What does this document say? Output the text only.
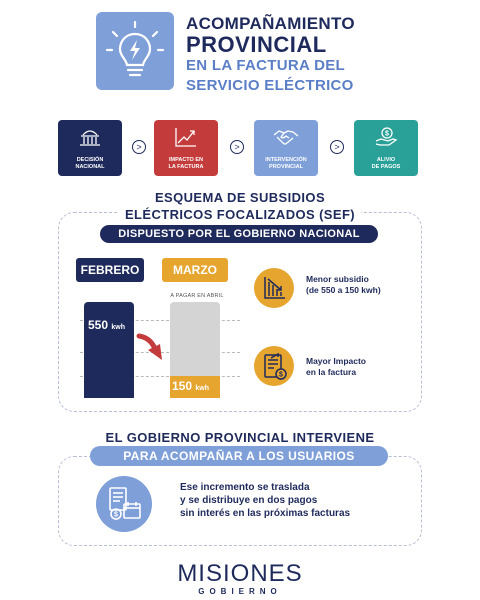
ACOMPAÑAMIENTO
PROVINCIAL
EN LA FACTURA DEL
SERVICIO ELÉCTRICO
DECISIÓN
NACIONAL
>
IMPACTO EN
LA FACTURA
>
INTERVENCIÓN
PROVINCIAL
>
$
ALIVIO
DE PAGOS
ESQUEMA DE SUBSIDIOS
ELÉCTRICOS FOCALIZADOS (SEF)
DISPUESTO POR EL GOBIERNO NACIONAL
FEBRERO	MARZO
A PAGAR EN ABRIL
550 kwh
150 kwh
Menor subsidio
(de 550 a 150 kwh)
$
Mayor Impacto
en la factura
EL GOBIERNO PROVINCIAL INTERVIENE
PARA ACOMPAÑAR A LOS USUARIOS
$
Ese incremento se traslada
y se distribuye en dos pagos
sin interés en las próximas facturas
MISIONES
GOBIERNO
